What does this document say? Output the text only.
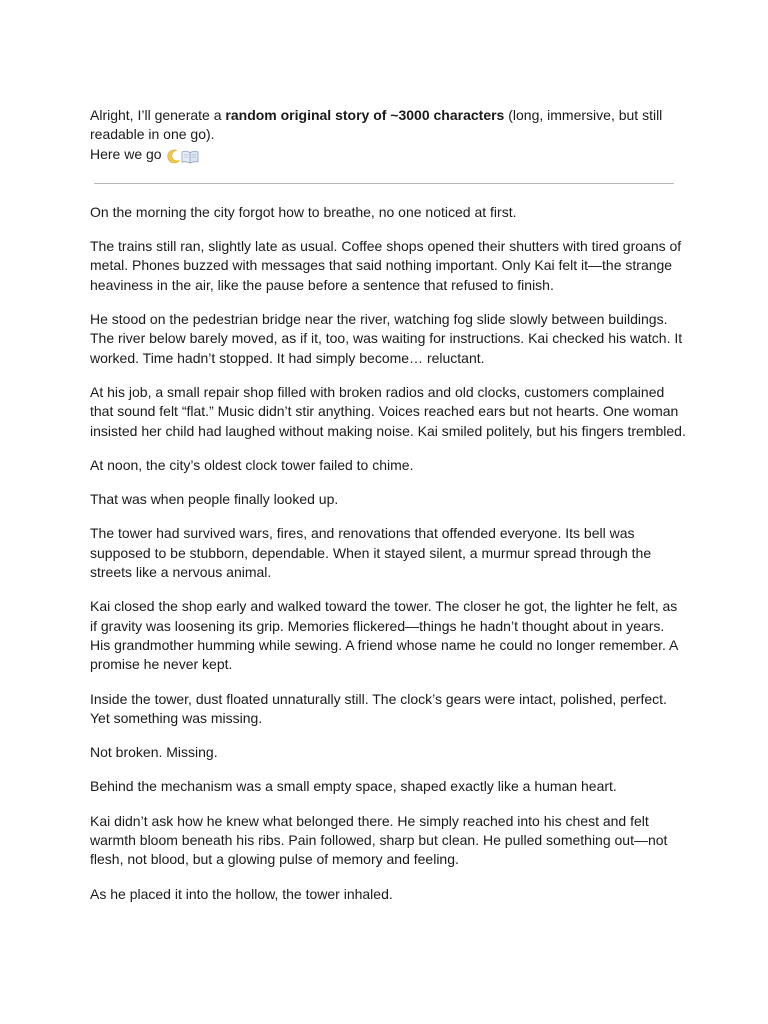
Alright, I’ll generate a random original story of ~3000 characters (long, immersive, but still readable in one go).

Here we go

On the morning the city forgot how to breathe, no one noticed at first.

The trains still ran, slightly late as usual. Coffee shops opened their shutters with tired groans of metal. Phones buzzed with messages that said nothing important. Only Kai felt it—the strange heaviness in the air, like the pause before a sentence that refused to finish.

He stood on the pedestrian bridge near the river, watching fog slide slowly between buildings. The river below barely moved, as if it, too, was waiting for instructions. Kai checked his watch. It worked. Time hadn’t stopped. It had simply become… reluctant.

At his job, a small repair shop filled with broken radios and old clocks, customers complained that sound felt “flat.” Music didn’t stir anything. Voices reached ears but not hearts. One woman insisted her child had laughed without making noise. Kai smiled politely, but his fingers trembled.

At noon, the city’s oldest clock tower failed to chime.

That was when people finally looked up.

The tower had survived wars, fires, and renovations that offended everyone. Its bell was supposed to be stubborn, dependable. When it stayed silent, a murmur spread through the streets like a nervous animal.

Kai closed the shop early and walked toward the tower. The closer he got, the lighter he felt, as if gravity was loosening its grip. Memories flickered—things he hadn’t thought about in years. His grandmother humming while sewing. A friend whose name he could no longer remember. A promise he never kept.

Inside the tower, dust floated unnaturally still. The clock’s gears were intact, polished, perfect. Yet something was missing.

Not broken. Missing.

Behind the mechanism was a small empty space, shaped exactly like a human heart.

Kai didn’t ask how he knew what belonged there. He simply reached into his chest and felt warmth bloom beneath his ribs. Pain followed, sharp but clean. He pulled something out—not flesh, not blood, but a glowing pulse of memory and feeling.

As he placed it into the hollow, the tower inhaled.
